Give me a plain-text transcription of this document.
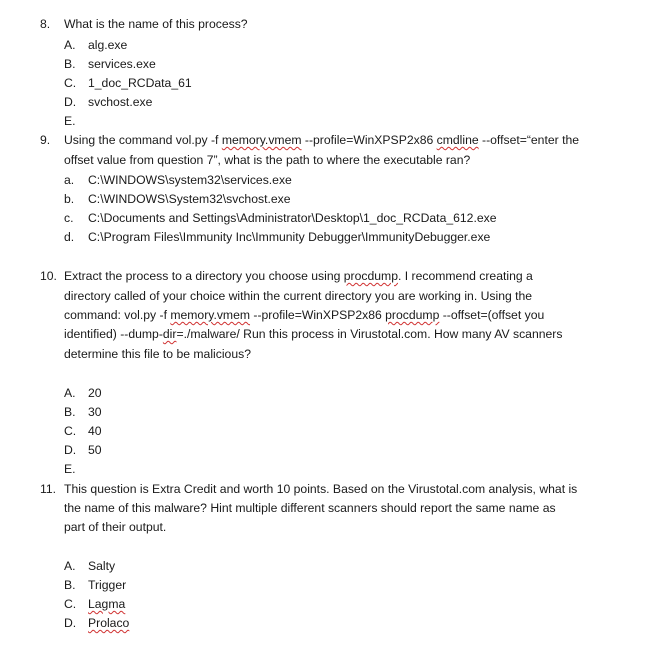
8. What is the name of this process?
A. alg.exe
B. services.exe
C. 1_doc_RCData_61
D. svchost.exe
E.
9. Using the command vol.py -f memory.vmem --profile=WinXPSP2x86 cmdline --offset=“enter the
offset value from question 7”, what is the path to where the executable ran?
a. C:\WINDOWS\system32\services.exe
b. C:\WINDOWS\System32\svchost.exe
c. C:\Documents and Settings\Administrator\Desktop\1_doc_RCData_612.exe
d. C:\Program Files\Immunity Inc\Immunity Debugger\ImmunityDebugger.exe
10. Extract the process to a directory you choose using procdump. I recommend creating a
directory called of your choice within the current directory you are working in. Using the
command: vol.py -f memory.vmem --profile=WinXPSP2x86 procdump --offset=(offset you
identified) --dump-dir=./malware/ Run this process in Virustotal.com. How many AV scanners
determine this file to be malicious?
A. 20
B. 30
C. 40
D. 50
E.
11. This question is Extra Credit and worth 10 points. Based on the Virustotal.com analysis, what is
the name of this malware? Hint multiple different scanners should report the same name as
part of their output.
A. Salty
B. Trigger
C. Lagma
D. Prolaco
